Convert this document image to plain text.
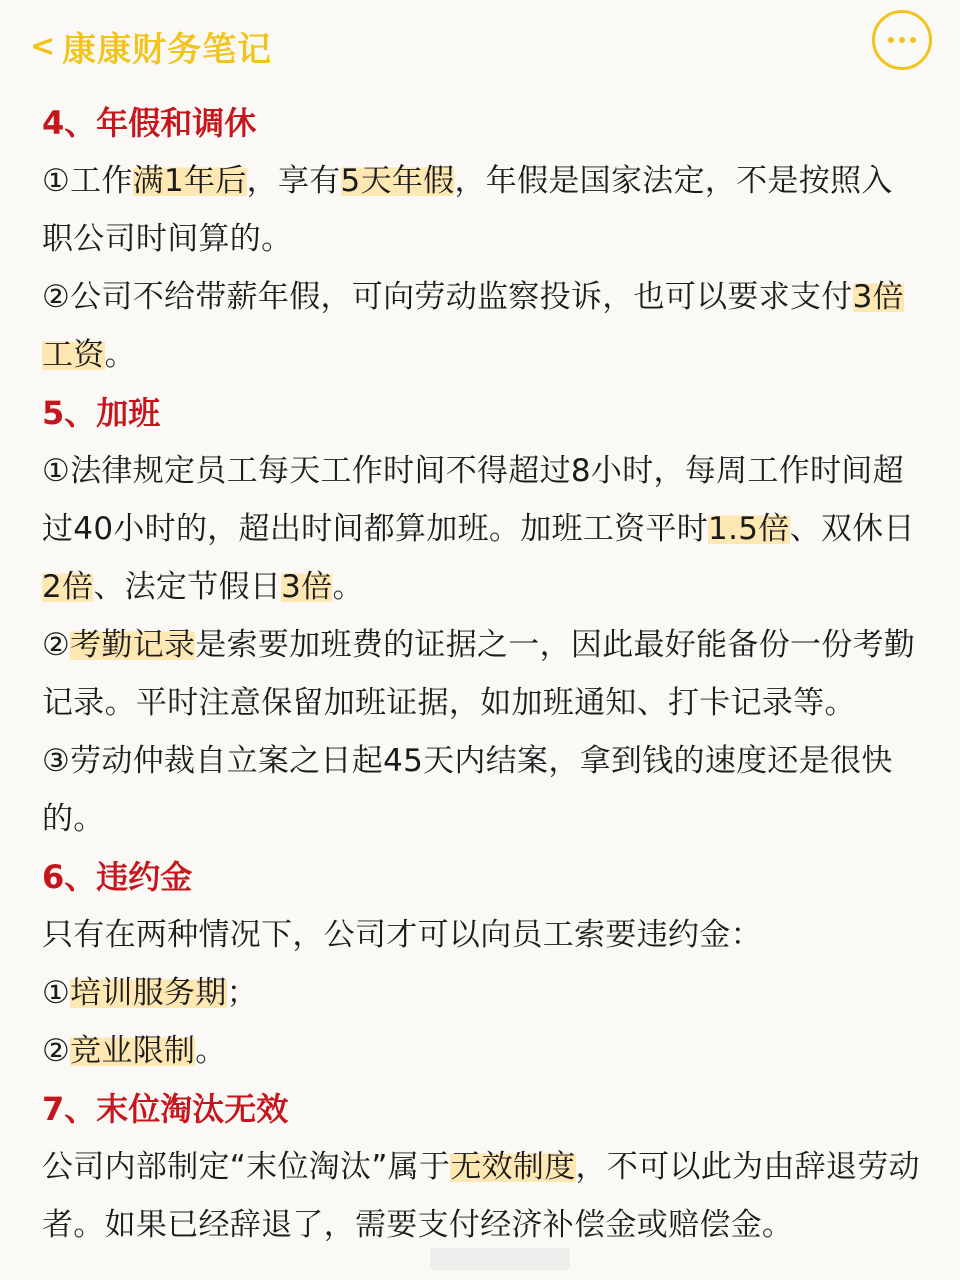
< 康康财务笔记
4、年假和调休
①工作满1年后，享有5天年假，年假是国家法定，不是按照入职公司时间算的。
②公司不给带薪年假，可向劳动监察投诉，也可以要求支付3倍工资。
5、加班
①法律规定员工每天工作时间不得超过8小时，每周工作时间超过40小时的，超出时间都算加班。加班工资平时1.5倍、双休日2倍、法定节假日3倍。
②考勤记录是索要加班费的证据之一，因此最好能备份一份考勤记录。平时注意保留加班证据，如加班通知、打卡记录等。
③劳动仲裁自立案之日起45天内结案，拿到钱的速度还是很快的。
6、违约金
只有在两种情况下，公司才可以向员工索要违约金：
①培训服务期；
②竞业限制。
7、末位淘汰无效
公司内部制定“末位淘汰”属于无效制度，不可以此为由辞退劳动者。如果已经辞退了，需要支付经济补偿金或赔偿金。
